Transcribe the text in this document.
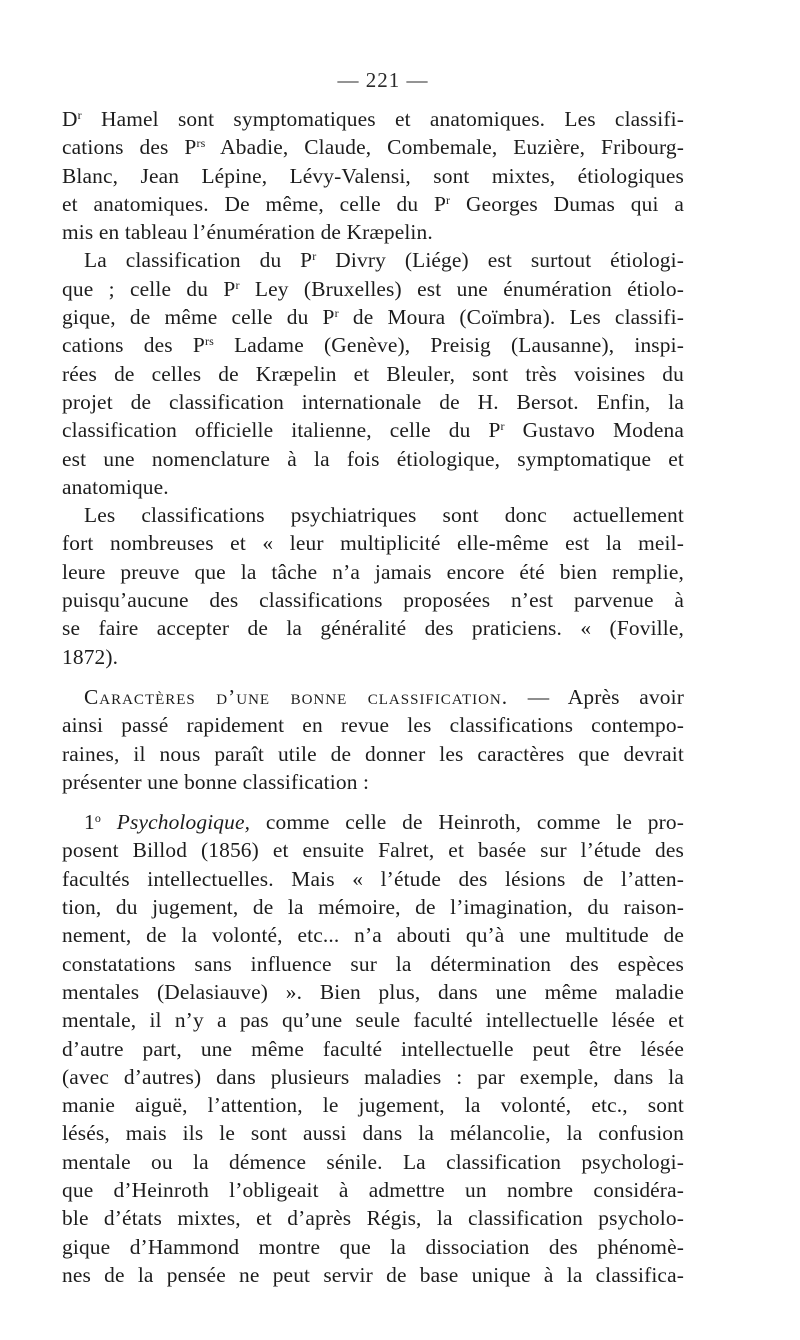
— 221 —
$D^r$ Hamel sont symptomatiques et anatomiques. Les classifi-
cations des $P^{rs}$ Abadie, Claude, Combemale, Euzière, Fribourg-
Blanc, Jean Lépine, Lévy-Valensi, sont mixtes, étiologiques
et anatomiques. De même, celle du $P^r$ Georges Dumas qui a
mis en tableau l’énumération de Kræpelin.
La classification du $P^r$ Divry (Liége) est surtout étiologi-
que ; celle du $P^r$ Ley (Bruxelles) est une énumération étiolo-
gique, de même celle du $P^r$ de Moura (Coïmbra). Les classifi-
cations des $P^{rs}$ Ladame (Genève), Preisig (Lausanne), inspi-
rées de celles de Kræpelin et Bleuler, sont très voisines du
projet de classification internationale de H. Bersot. Enfin, la
classification officielle italienne, celle du $P^r$ Gustavo Modena
est une nomenclature à la fois étiologique, symptomatique et
anatomique.
Les classifications psychiatriques sont donc actuellement
fort nombreuses et « leur multiplicité elle-même est la meil-
leure preuve que la tâche n’a jamais encore été bien remplie,
puisqu’aucune des classifications proposées n’est parvenue à
se faire accepter de la généralité des praticiens. « (Foville,
1872).
Caractères d’une bonne classification. — Après avoir
ainsi passé rapidement en revue les classifications contempo-
raines, il nous paraît utile de donner les caractères que devrait
présenter une bonne classification :
1$^o$ Psychologique, comme celle de Heinroth, comme le pro-
posent Billod (1856) et ensuite Falret, et basée sur l’étude des
facultés intellectuelles. Mais « l’étude des lésions de l’atten-
tion, du jugement, de la mémoire, de l’imagination, du raison-
nement, de la volonté, etc... n’a abouti qu’à une multitude de
constatations sans influence sur la détermination des espèces
mentales (Delasiauve) ». Bien plus, dans une même maladie
mentale, il n’y a pas qu’une seule faculté intellectuelle lésée et
d’autre part, une même faculté intellectuelle peut être lésée
(avec d’autres) dans plusieurs maladies : par exemple, dans la
manie aiguë, l’attention, le jugement, la volonté, etc., sont
lésés, mais ils le sont aussi dans la mélancolie, la confusion
mentale ou la démence sénile. La classification psychologi-
que d’Heinroth l’obligeait à admettre un nombre considéra-
ble d’états mixtes, et d’après Régis, la classification psycholo-
gique d’Hammond montre que la dissociation des phénomè-
nes de la pensée ne peut servir de base unique à la classifica-
